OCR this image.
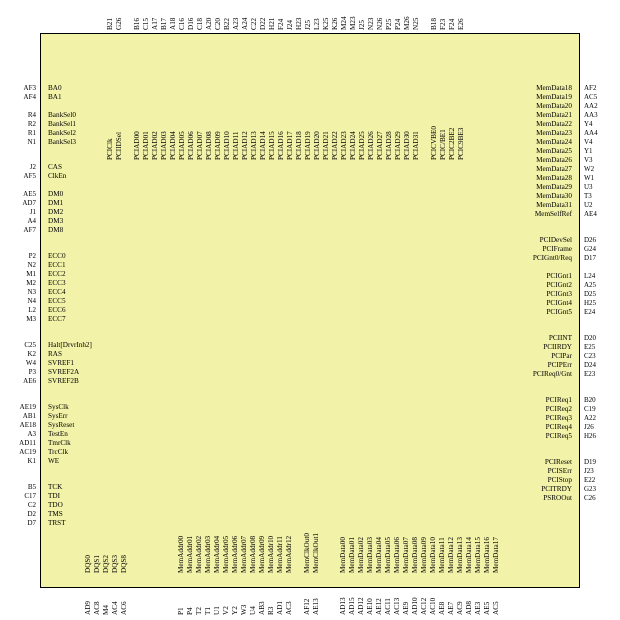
BA0
AF3
BA1
AF4
BankSel0
R4
BankSel1
R2
BankSel2
R1
BankSel3
N1
CAS
J2
ClkEn
AF5
DM0
AE5
DM1
AD7
DM2
J1
DM3
A4
DM8
AF7
ECC0
P2
ECC1
N2
ECC2
M1
ECC3
M2
ECC4
N3
ECC5
N4
ECC6
L2
ECC7
M3
Halt[DrvrInh2]
C25
RAS
K2
SVREF1
W4
SVREF2A
P3
SVREF2B
AE6
SysClk
AE19
SysErr
AB1
SysReset
AE18
TestEn
A3
TmrClk
AD11
TrcClk
AC19
WE
K1
TCK
B5
TDI
C17
TDO
C2
TMS
D2
TRST
D7
MemData18 AF2
MemData19 AC5
MemData20 AA2
MemData21 AA3
MemData22 Y4
MemData23 AA4
MemData24 V4
MemData25 Y1
MemData26 V3
MemData27 W2
MemData28 W1
MemData29 U3
MemData30 T3
MemData31 U2
MemSelfRef AE4
PCIDevSel D26
PCIFrame G24
PCIGnt0/Req D17
PCIGnt1 L24
PCIGnt2 A25
PCIGnt3 D25
PCIGnt4 H25
PCIGnt5 E24
PCIINT D20
PCIIRDY E25
PCIPar C23
PCIPErr D24
PCIReq0/Gnt E23
PCIReq1 B20
PCIReq2 C19
PCIReq3 A22
PCIReq4 J26
PCIReq5 H26
PCIReset D19
PCISErr J23
PCIStop E22
PCITRDY G23
PSROOut C26
PCIClk
B21
PCIIDSel
G26
PCIAD00
B16
PCIAD01
C15
PCIAD02
A17
PCIAD03
B17
PCIAD04
A18
PCIAD05
C16
PCIAD06
D16
PCIAD07
C18
PCIAD08
A20
PCIAD09
C20
PCIAD10
B22
PCIAD11
A23
PCIAD12
A24
PCIAD13
C22
PCIAD14
D22
PCIAD15
H21
PCIAD16
F24
PCIAD17
J24
PCIAD18
H23
PCIAD19
J25
PCIAD20
L23
PCIAD21
K25
PCIAD22
K26
PCIAD23
M24
PCIAD24
M23
PCIAD25
J25
PCIAD26
N23
PCIAD27
N26
PCIAD28
P25
PCIAD29
P24
PCIAD30
M26
PCIAD31
N25
PCICVBE0
B18
PCIC/BE1
F23
PCIC2BE2
F24
PCIC9BE3
E26
DQS0
AD9
DQS1
AC8
DQS2
M4
DQS3
AC4
DQS8
AC6
MemAddr00
P1
MemAddr01
P4
MemAddr02
T2
MemAddr03
T1
MemAddr04
U1
MemAddr05
V2
MemAddr06
Y2
MemAddr07
W3
MemAddr08
U4
MemAddr09
AB3
MemAddr10
R3
MemAddr11
AD1
MemAddr12
AC3
MemClkOut0
AF12
MemClkOut1
AE13
MemData00
AD13
MemData01
AD15
MemData02
AD12
MemData03
AE10
MemData04
AE12
MemData05
AC11
MemData06
AC13
MemData07
AE9
MemData08
AD10
MemData09
AC12
MemData10
AC10
MemData11
AE8
MemData12
AE7
MemData13
AC9
MemData14
AD8
MemData15
AE3
MemData16
AE5
MemData17
AC5
